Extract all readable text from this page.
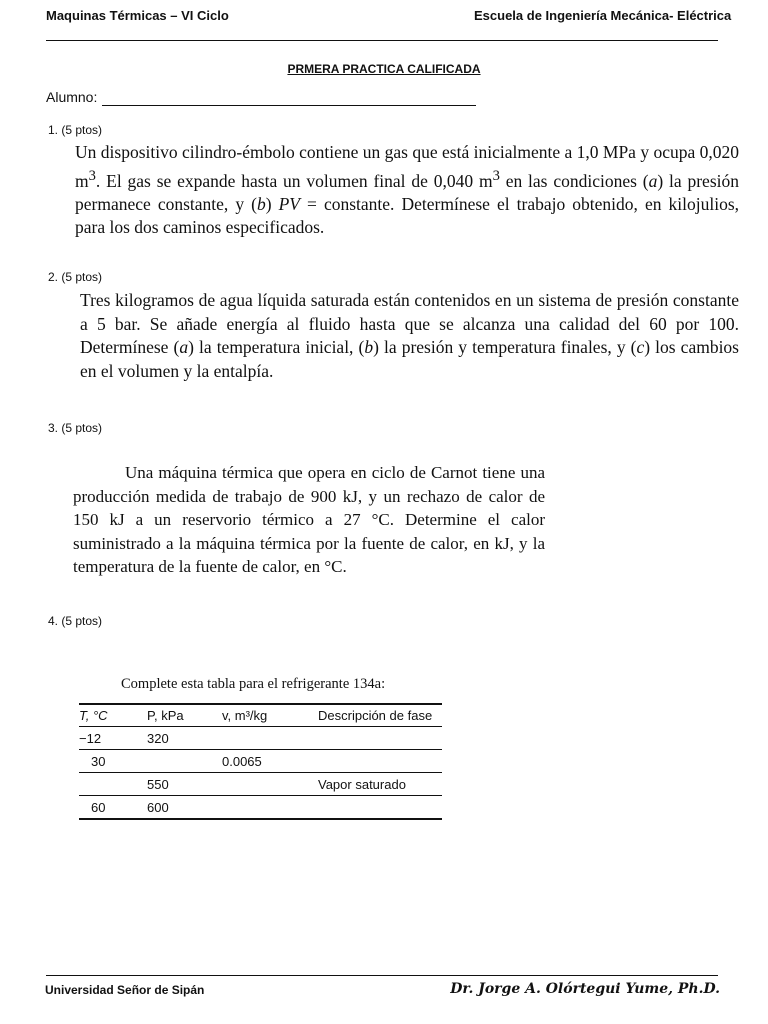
Maquinas Térmicas – VI Ciclo	Escuela de Ingeniería Mecánica- Eléctrica
PRMERA PRACTICA CALIFICADA
Alumno:
1. (5 ptos)
Un dispositivo cilindro-émbolo contiene un gas que está inicialmente a 1,0 MPa y ocupa 0,020 $m^3$. El gas se expande hasta un volumen final de 0,040 $m^3$ en las condiciones (a) la presión permanece constante, y (b) PV = constante. Determínese el trabajo obtenido, en kilojulios, para los dos caminos especificados.
2. (5 ptos)
Tres kilogramos de agua líquida saturada están contenidos en un sistema de presión constante a 5 bar. Se añade energía al fluido hasta que se alcanza una calidad del 60 por 100. Determínese (a) la temperatura inicial, (b) la presión y temperatura finales, y (c) los cambios en el volumen y la entalpía.
3. (5 ptos)
Una máquina térmica que opera en ciclo de Carnot tiene una producción medida de trabajo de 900 kJ, y un rechazo de calor de 150 kJ a un reservorio térmico a 27 °C. Determine el calor suministrado a la máquina térmica por la fuente de calor, en kJ, y la temperatura de la fuente de calor, en °C.
4. (5 ptos)
Complete esta tabla para el refrigerante 134a:
T, °C	P, kPa	v, m³/kg	Descripción de fase
−12	320		
30		0.0065	
	550		Vapor saturado
60	600		
Universidad Señor de Sipán	Dr. Jorge A. Olórtegui Yume, Ph.D.
